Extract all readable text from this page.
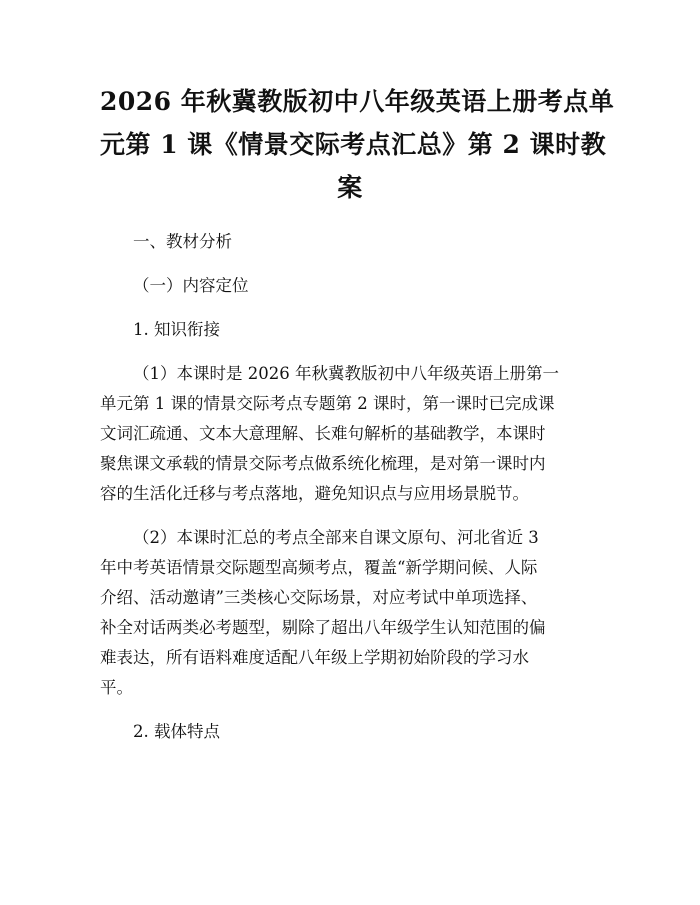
2026 年秋冀教版初中八年级英语上册考点单
元第 1 课《情景交际考点汇总》第 2 课时教
案

一、教材分析

（一）内容定位

1. 知识衔接

（1）本课时是 2026 年秋冀教版初中八年级英语上册第一
单元第 1 课的情景交际考点专题第 2 课时，第一课时已完成课
文词汇疏通、文本大意理解、长难句解析的基础教学，本课时
聚焦课文承载的情景交际考点做系统化梳理，是对第一课时内
容的生活化迁移与考点落地，避免知识点与应用场景脱节。
（2）本课时汇总的考点全部来自课文原句、河北省近 3
年中考英语情景交际题型高频考点，覆盖“新学期问候、人际
介绍、活动邀请”三类核心交际场景，对应考试中单项选择、
补全对话两类必考题型，剔除了超出八年级学生认知范围的偏
难表达，所有语料难度适配八年级上学期初始阶段的学习水
平。

2. 载体特点
